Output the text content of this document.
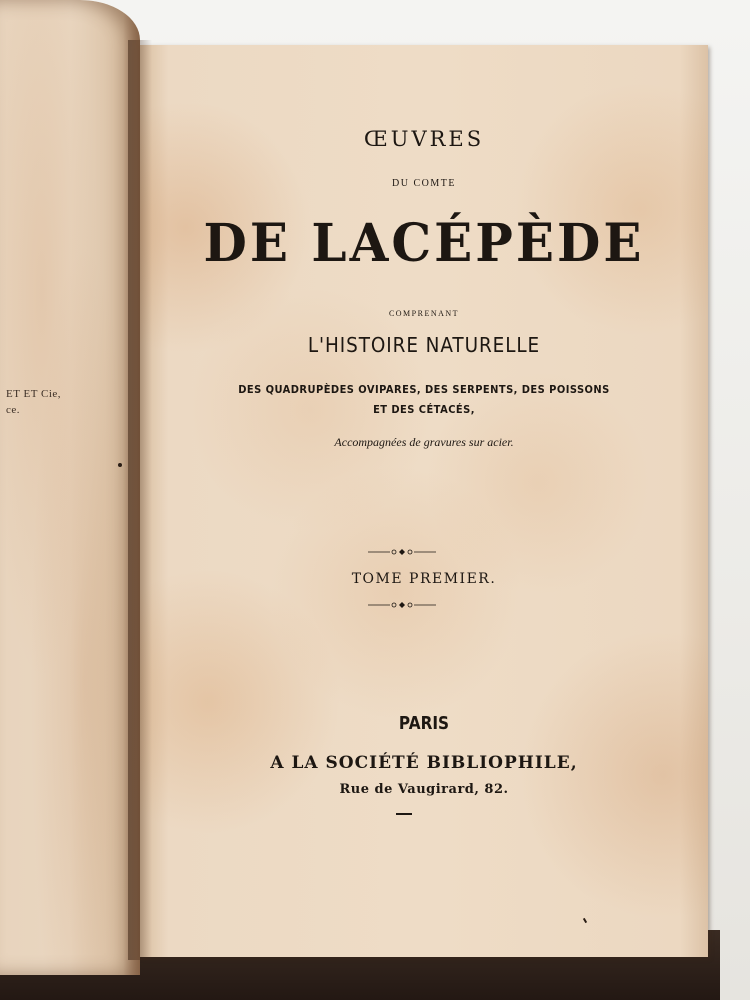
ET ET Cie,
ce.
ŒUVRES
DU COMTE
DE LACÉPÈDE
COMPRENANT
L'HISTOIRE NATURELLE
DES QUADRUPÈDES OVIPARES, DES SERPENTS, DES POISSONS
ET DES CÉTACÉS,
Accompagnées de gravures sur acier.
TOME PREMIER.
PARIS
A LA SOCIÉTÉ BIBLIOPHILE,
Rue de Vaugirard, 82.
